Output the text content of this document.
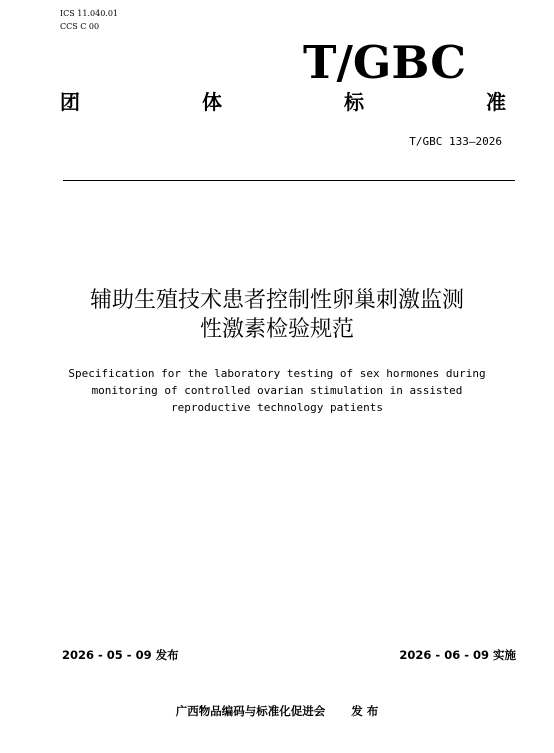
ICS 11.040.01
CCS C 00
T/GBC
团	体	标	准
T/GBC 133—2026
辅助生殖技术患者控制性卵巢刺激监测
性激素检验规范
Specification for the laboratory testing of sex hormones during
monitoring of controlled ovarian stimulation in assisted
reproductive technology patients
2026 - 05 - 09 发布	2026 - 06 - 09 实施
广西物品编码与标准化促进会 发 布
